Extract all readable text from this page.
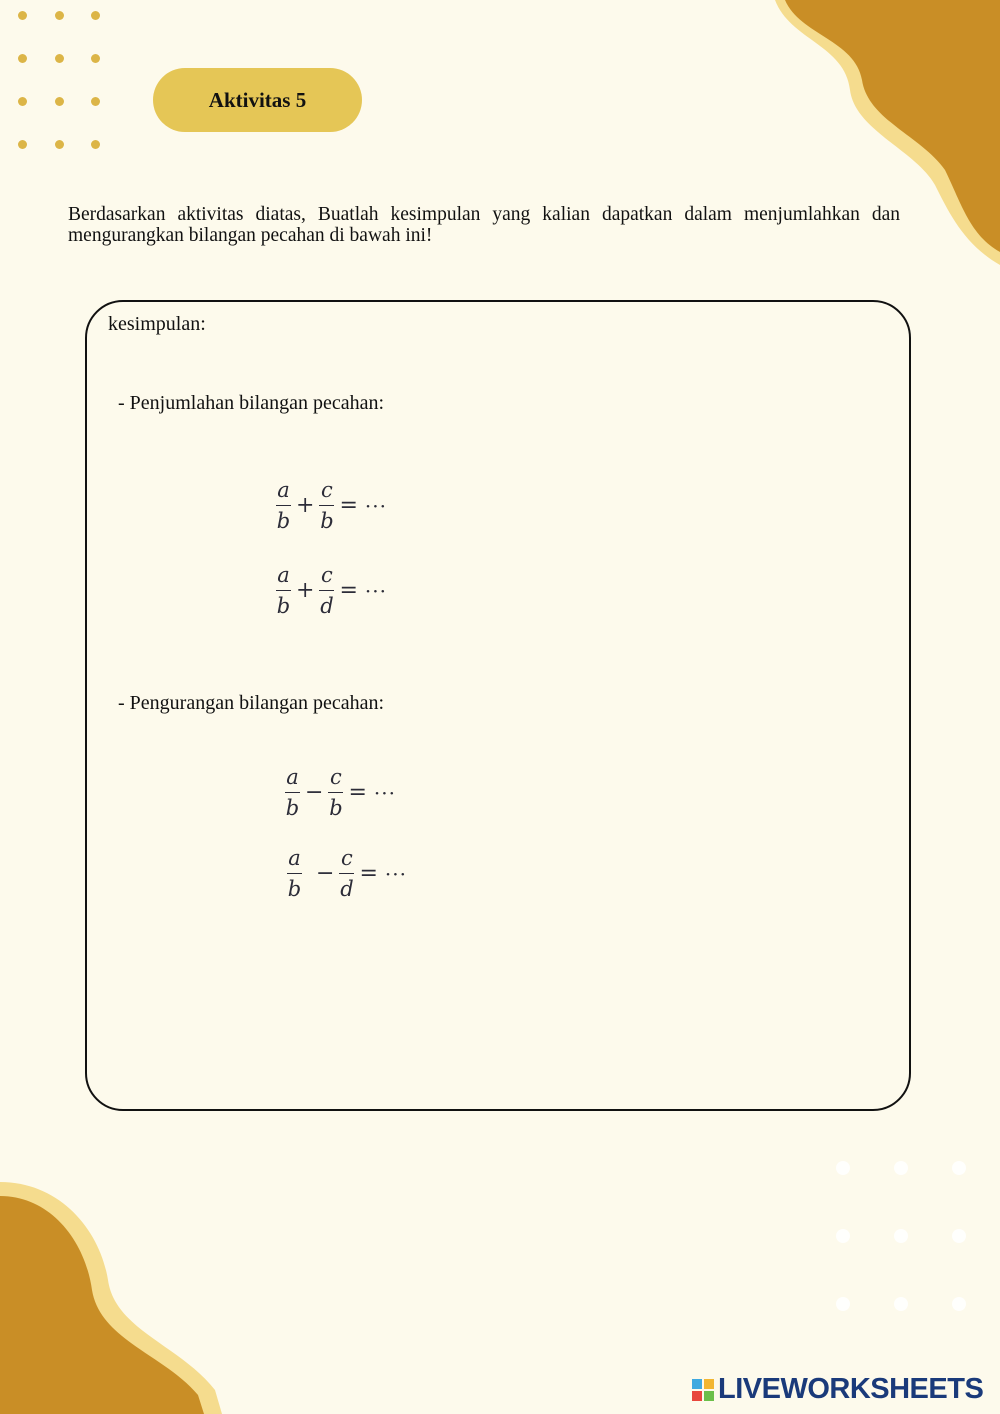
Aktivitas 5

Berdasarkan aktivitas diatas, Buatlah kesimpulan yang kalian dapatkan dalam menjumlahkan dan mengurangkan bilangan pecahan di bawah ini!

kesimpulan:
- Penjumlahan bilangan pecahan:
$\frac{a}{b} + \frac{c}{b}$ = ···
$\frac{a}{b} + \frac{c}{d}$ = ···
- Pengurangan bilangan pecahan:
$\frac{a}{b} - \frac{c}{b}$ = ···
$\frac{a}{b} - \frac{c}{d}$ = ···
LIVEWORKSHEETS
